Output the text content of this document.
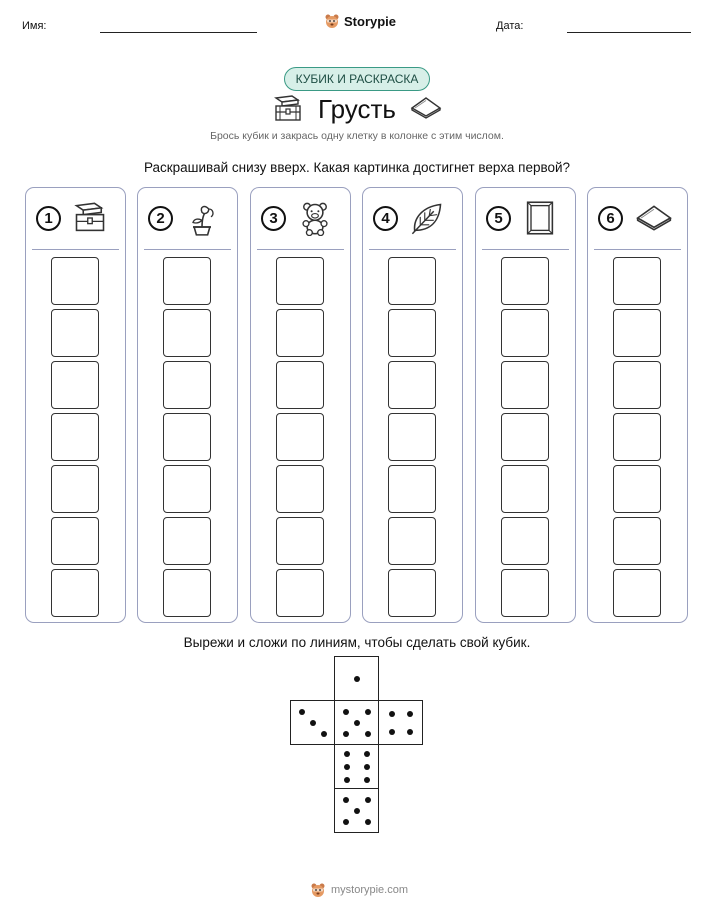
Имя:	Storypie	Дата:
КУБИК И РАСКРАСКА
Грусть
Брось кубик и закрась одну клетку в колонке с этим числом.
Раскрашивай снизу вверх. Какая картинка достигнет верха первой?
1	2	3	4	5	6
Вырежи и сложи по линиям, чтобы сделать свой кубик.
mystorypie.com
